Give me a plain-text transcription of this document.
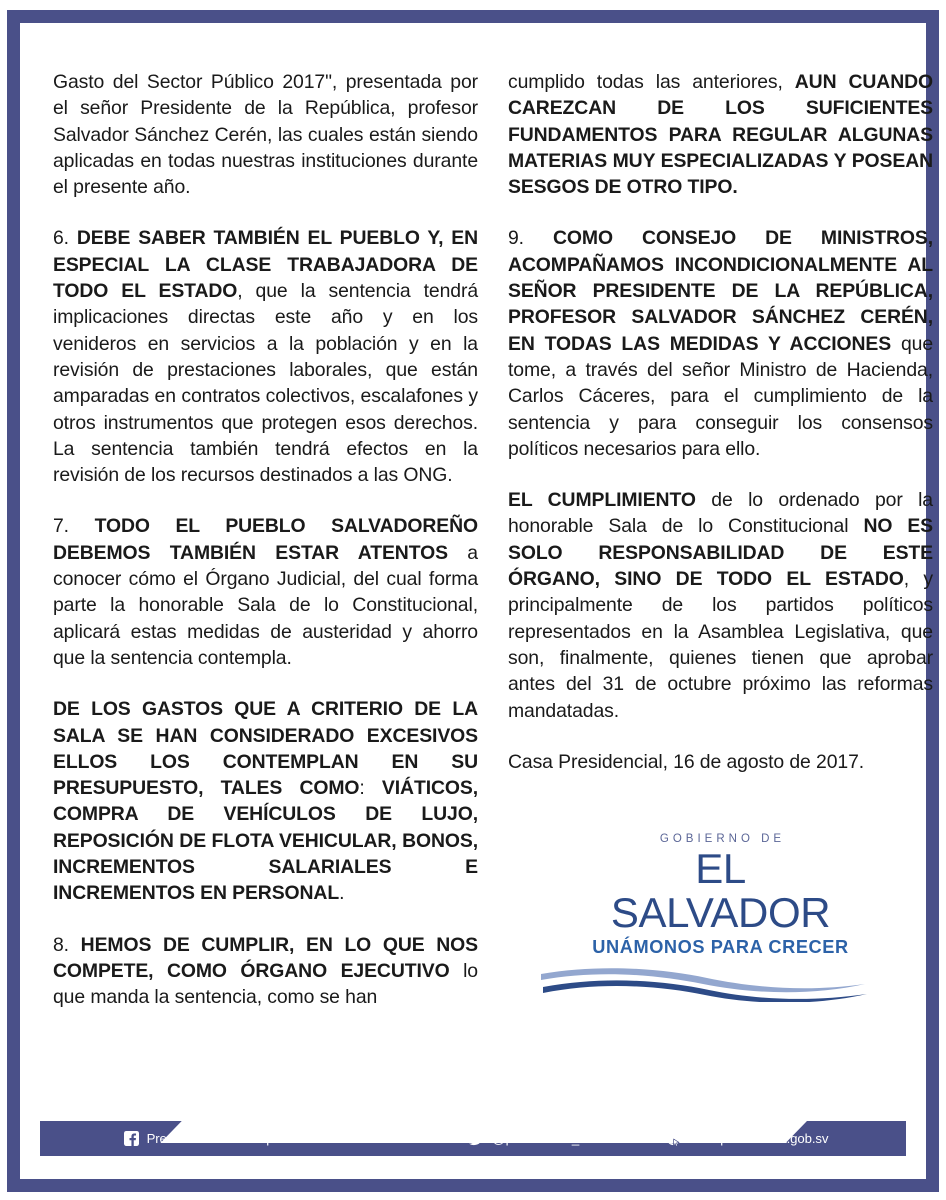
Gasto del Sector Público 2017", presentada por el señor Presidente de la República, profesor Salvador Sánchez Cerén, las cuales están siendo aplicadas en todas nuestras instituciones durante el presente año.

6. DEBE SABER TAMBIÉN EL PUEBLO Y, EN ESPECIAL LA CLASE TRABAJADORA DE TODO EL ESTADO, que la sentencia tendrá implicaciones directas este año y en los venideros en servicios a la población y en la revisión de prestaciones laborales, que están amparadas en contratos colectivos, escalafones y otros instrumentos que protegen esos derechos. La sentencia también tendrá efectos en la revisión de los recursos destinados a las ONG.

7. TODO EL PUEBLO SALVADOREÑO DEBEMOS TAMBIÉN ESTAR ATENTOS a conocer cómo el Órgano Judicial, del cual forma parte la honorable Sala de lo Constitucional, aplicará estas medidas de austeridad y ahorro que la sentencia contempla.

DE LOS GASTOS QUE A CRITERIO DE LA SALA SE HAN CONSIDERADO EXCESIVOS ELLOS LOS CONTEMPLAN EN SU PRESUPUESTO, TALES COMO: VIÁTICOS, COMPRA DE VEHÍCULOS DE LUJO, REPOSICIÓN DE FLOTA VEHICULAR, BONOS, INCREMENTOS SALARIALES E INCREMENTOS EN PERSONAL.

8. HEMOS DE CUMPLIR, EN LO QUE NOS COMPETE, COMO ÓRGANO EJECUTIVO lo que manda la sentencia, como se han

cumplido todas las anteriores, AUN CUANDO CAREZCAN DE LOS SUFICIENTES FUNDAMENTOS PARA REGULAR ALGUNAS MATERIAS MUY ESPECIALIZADAS Y POSEAN SESGOS DE OTRO TIPO.

9. COMO CONSEJO DE MINISTROS, ACOMPAÑAMOS INCONDICIONALMENTE AL SEÑOR PRESIDENTE DE LA REPÚBLICA, PROFESOR SALVADOR SÁNCHEZ CERÉN, EN TODAS LAS MEDIDAS Y ACCIONES que tome, a través del señor Ministro de Hacienda, Carlos Cáceres, para el cumplimiento de la sentencia y para conseguir los consensos políticos necesarios para ello.

EL CUMPLIMIENTO de lo ordenado por la honorable Sala de lo Constitucional NO ES SOLO RESPONSABILIDAD DE ESTE ÓRGANO, SINO DE TODO EL ESTADO, y principalmente de los partidos políticos representados en la Asamblea Legislativa, que son, finalmente, quienes tienen que aprobar antes del 31 de octubre próximo las reformas mandatadas.

Casa Presidencial, 16 de agosto de 2017.

GOBIERNO DE
EL SALVADOR
UNÁMONOS PARA CRECER
Presidencia de la República de El Salvador	@presidencia_sv	www.presidencia.gob.sv
